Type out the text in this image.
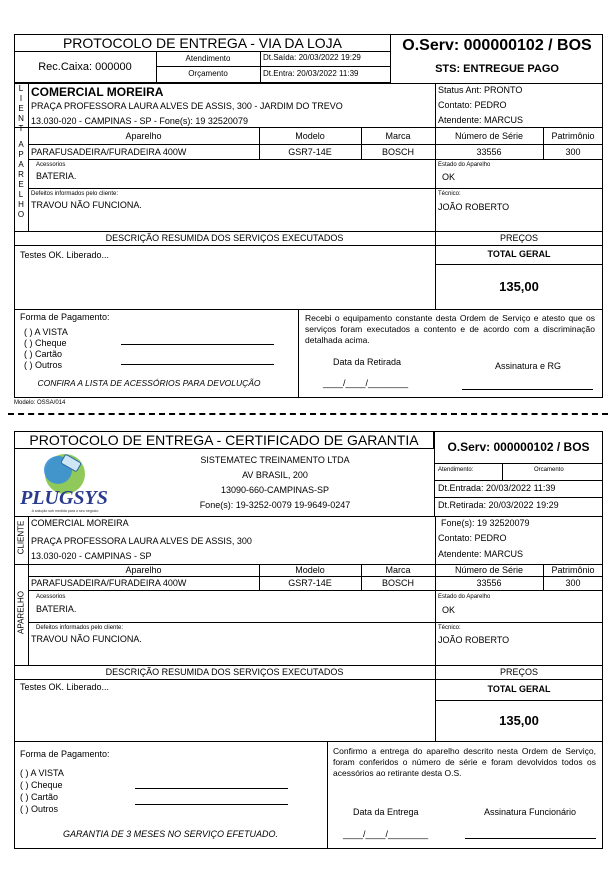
PROTOCOLO DE ENTREGA - VIA DA LOJA
Rec.Caixa: 000000
Atendimento
Orçamento
Dt.Saída: 20/03/2022 19:29
Dt.Entra: 20/03/2022 11:39
O.Serv: 000000102 / BOS
STS: ENTREGUE PAGO
L
I
E
N
T
COMERCIAL MOREIRA
PRAÇA PROFESSORA LAURA ALVES DE ASSIS, 300 - JARDIM DO TREVO
13.030-020 - CAMPINAS - SP - Fone(s): 19 32520079
Status Ant: PRONTO
Contato: PEDRO
Atendente: MARCUS
A
P
A
R
E
L
H
O
Aparelho	Modelo	Marca	Número de Série	Patrimônio
PARAFUSADEIRA/FURADEIRA 400W	GSR7-14E	BOSCH	33556	300
Acessorios
BATERIA.
Estado do Aparelho
OK
Defeitos informados pelo cliente:
TRAVOU NÃO FUNCIONA.
Técnico:
JOÃO ROBERTO
DESCRIÇÃO RESUMIDA DOS SERVIÇOS EXECUTADOS	PREÇOS
Testes OK. Liberado...	TOTAL GERAL
135,00
Forma de Pagamento:
( ) A VISTA
( ) Cheque
( ) Cartão
( ) Outros
CONFIRA A LISTA DE ACESSÓRIOS PARA DEVOLUÇÃO
Recebi o equipamento constante desta Ordem de Serviço e atesto que os serviços foram executados a contento e de acordo com a discriminação detalhada acima.
Data da Retirada
____/____/________
Assinatura e RG
Modelo: OSSA/014
PROTOCOLO DE ENTREGA - CERTIFICADO DE GARANTIA	O.Serv: 000000102 / BOS
PLUGSYS
A solução sob medida para o seu negócio
SISTEMATEC TREINAMENTO LTDA
AV BRASIL, 200
13090-660-CAMPINAS-SP
Fone(s): 19-3252-0079 19-9649-0247
Atendimento:	Orcamento
Dt.Entrada: 20/03/2022 11:39
Dt.Retirada: 20/03/2022 19:29
CLIENTE COMERCIAL MOREIRA
PRAÇA PROFESSORA LAURA ALVES DE ASSIS, 300
13.030-020 - CAMPINAS - SP
Fone(s): 19 32520079
Contato: PEDRO
Atendente: MARCUS
APARELHO
Aparelho	Modelo	Marca	Número de Série	Patrimônio
PARAFUSADEIRA/FURADEIRA 400W	GSR7-14E	BOSCH	33556	300
Acessorios
BATERIA.
Estado do Aparelho
OK
Defeitos informados pelo cliente:
TRAVOU NÃO FUNCIONA.
Técnico:
JOÃO ROBERTO
DESCRIÇÃO RESUMIDA DOS SERVIÇOS EXECUTADOS	PREÇOS
Testes OK. Liberado...	TOTAL GERAL
135,00
Forma de Pagamento:
( ) A VISTA
( ) Cheque
( ) Cartão
( ) Outros
GARANTIA DE 3 MESES NO SERVIÇO EFETUADO.
Confirmo a entrega do aparelho descrito nesta Ordem de Serviço, foram conferidos o número de série e foram devolvidos todos os acessórios ao retirante desta O.S.
Data da Entrega
____/____/________
Assinatura Funcionário
